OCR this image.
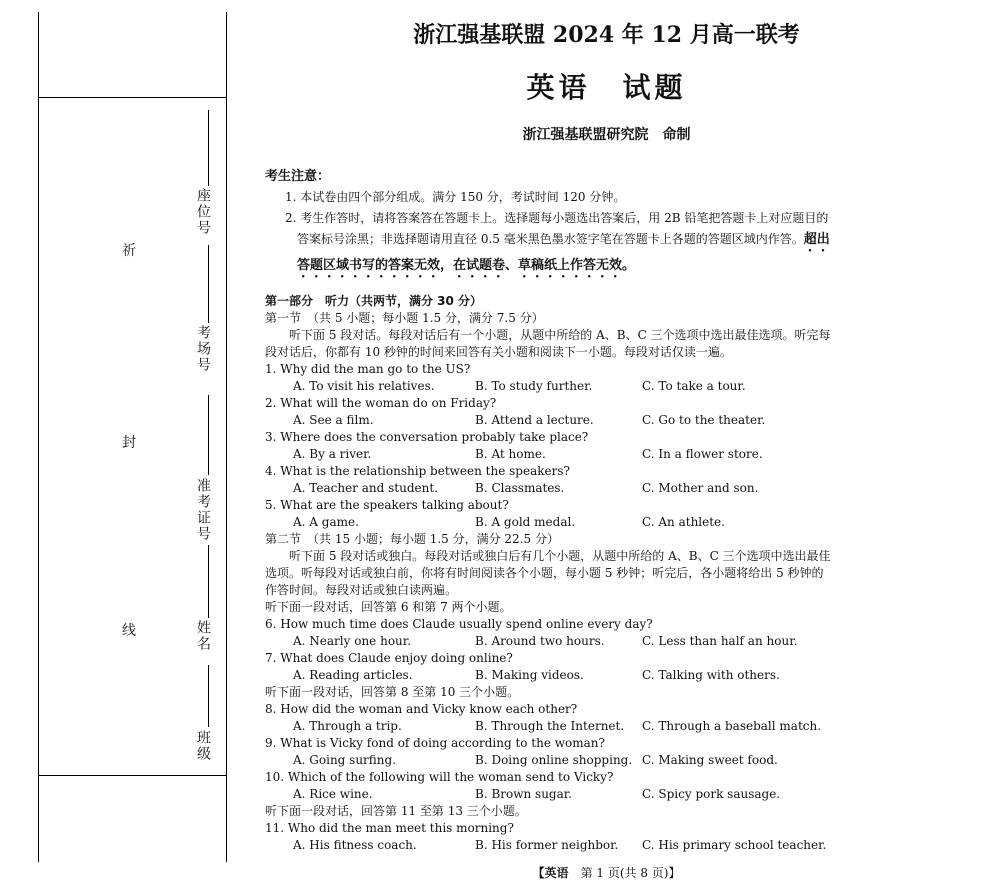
祈
封
线
座位号
考场号
准考证号
姓名
班级
浙江强基联盟 2024 年 12 月高一联考
英语　试题
浙江强基联盟研究院　命制

考生注意：

1. 本试卷由四个部分组成。满分 150 分，考试时间 120 分钟。

2. 考生作答时，请将答案答在答题卡上。选择题每小题选出答案后，用 2B 铅笔把答题卡上对应题目的答案标号涂黑；非选择题请用直径 0.5 毫米黑色墨水签字笔在答题卡上各题的答题区域内作答。超出答题区域书写的答案无效，在试题卷、草稿纸上作答无效。

第一部分　听力（共两节，满分 30 分）

第一节　（共 5 小题；每小题 1.5 分，满分 7.5 分）

听下面 5 段对话。每段对话后有一个小题，从题中所给的 A、B、C 三个选项中选出最佳选项。听完每段对话后，你都有 10 秒钟的时间来回答有关小题和阅读下一小题。每段对话仅读一遍。

1. Why did the man go to the US?

A. To visit his relatives.	B. To study further.	C. To take a tour.

2. What will the woman do on Friday?

A. See a film.	B. Attend a lecture.	C. Go to the theater.

3. Where does the conversation probably take place?

A. By a river.	B. At home.	C. In a flower store.

4. What is the relationship between the speakers?

A. Teacher and student.	B. Classmates.	C. Mother and son.

5. What are the speakers talking about?

A. A game.	B. A gold medal.	C. An athlete.

第二节　（共 15 小题；每小题 1.5 分，满分 22.5 分）

听下面 5 段对话或独白。每段对话或独白后有几个小题，从题中所给的 A、B、C 三个选项中选出最佳选项。听每段对话或独白前，你将有时间阅读各个小题，每小题 5 秒钟；听完后，各小题将给出 5 秒钟的作答时间。每段对话或独白读两遍。

听下面一段对话，回答第 6 和第 7 两个小题。

6. How much time does Claude usually spend online every day?

A. Nearly one hour.	B. Around two hours.	C. Less than half an hour.

7. What does Claude enjoy doing online?

A. Reading articles.	B. Making videos.	C. Talking with others.

听下面一段对话，回答第 8 至第 10 三个小题。

8. How did the woman and Vicky know each other?

A. Through a trip.	B. Through the Internet.	C. Through a baseball match.

9. What is Vicky fond of doing according to the woman?

A. Going surfing.	B. Doing online shopping. C. Making sweet food.

10. Which of the following will the woman send to Vicky?

A. Rice wine.	B. Brown sugar.	C. Spicy pork sausage.

听下面一段对话，回答第 11 至第 13 三个小题。

11. Who did the man meet this morning?

A. His fitness coach.	B. His former neighbor.	C. His primary school teacher.
【英语　 第 1 页(共 8 页)】
